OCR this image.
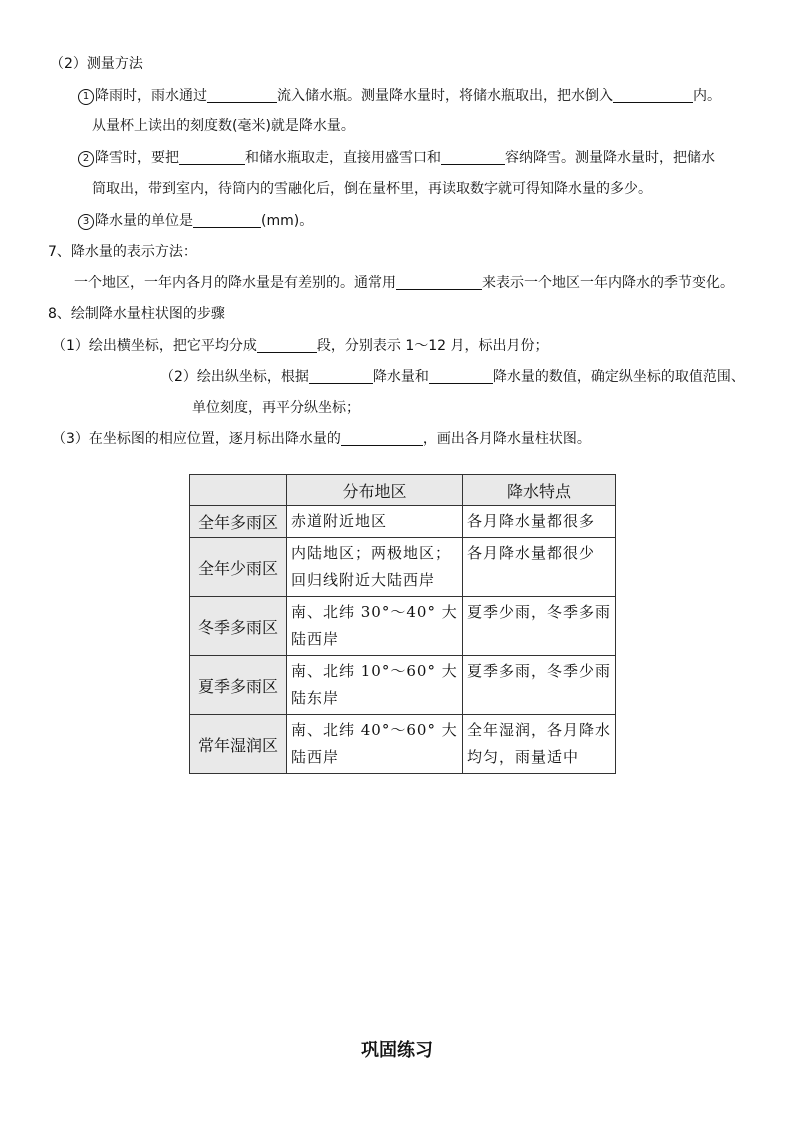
（2）测量方法
1 降雨时，雨水通过	流入储水瓶。测量降水量时，将储水瓶取出，把水倒入	内。
从量杯上读出的刻度数(毫米)就是降水量。
2 降雪时，要把	和储水瓶取走，直接用盛雪口和	容纳降雪。测量降水量时，把储水
筒取出，带到室内，待筒内的雪融化后，倒在量杯里，再读取数字就可得知降水量的多少。
3 降水量的单位是	(mm)。
7、降水量的表示方法：
一个地区，一年内各月的降水量是有差别的。通常用	来表示一个地区一年内降水的季节变化。
8、绘制降水量柱状图的步骤
（1）绘出横坐标，把它平均分成	段，分别表示 1～12 月，标出月份；
（2）绘出纵坐标，根据	降水量和	降水量的数值，确定纵坐标的取值范围、
单位刻度，再平分纵坐标；
（3）在坐标图的相应位置，逐月标出降水量的	，画出各月降水量柱状图。
	分布地区	降水特点
全年多雨区	赤道附近地区	各月降水量都很多
全年少雨区	内陆地区；两极地区；回归线附近大陆西岸	各月降水量都很少
冬季多雨区	南、北纬 30°～40° 大陆西岸	夏季少雨，冬季多雨
夏季多雨区	南、北纬 10°～60° 大陆东岸	夏季多雨，冬季少雨
常年湿润区	南、北纬 40°～60° 大陆西岸	全年湿润，各月降水均匀，雨量适中
巩固练习
